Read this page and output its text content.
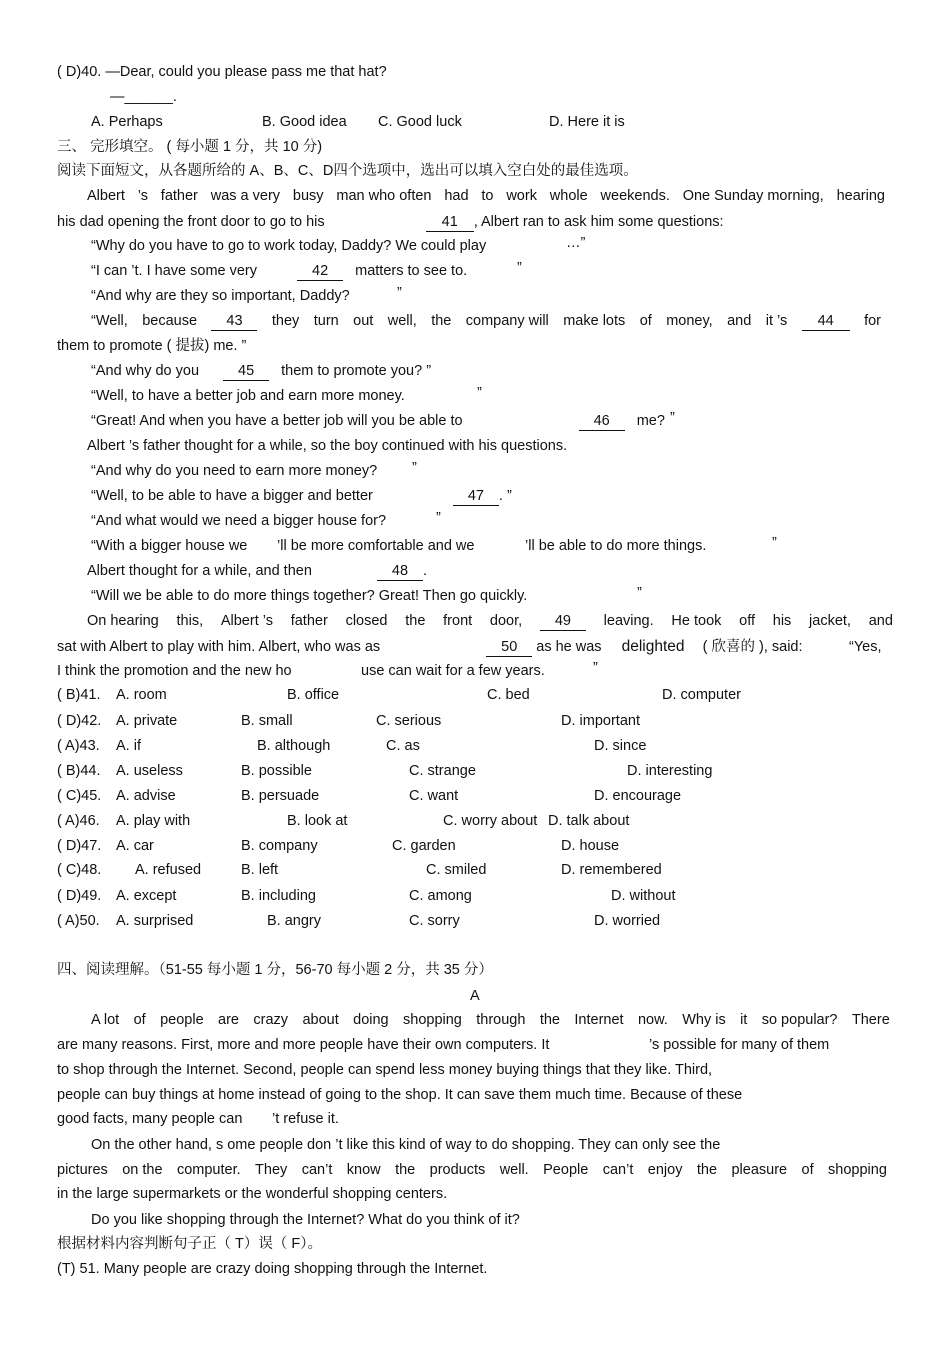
( D)40. —Dear, could you please pass me that hat?
—______.
A. Perhaps	B. Good idea C. Good luck	D. Here it is
三、 完形填空。 ( 每小题 1 分，共 10 分)
阅读下面短文，从各题所给的 A、B、C、D四个选项中，选出可以填入空白处的最佳选项。
Albert ’s father was a very busy man who often had to work whole weekends. One Sunday morning, hearing
his dad opening the front door to go to his	41 , Albert ran to ask him some questions:
“Why do you have to go to work today, Daddy? We could play	…”
“I can ’t. I have some very	42 matters to see to.	”
“And why are they so important, Daddy?	”
“Well, because	43	they turn out well, the company will make lots of money, and it ’s	44	for
them to promote ( 提拔) me. ”
“And why do you	45 them to promote you? ”
“Well, to have a better job and earn more money.	”
“Great! And when you have a better job will you be able to	46 me? ”
Albert ’s father thought for a while, so the boy continued with his questions.
“And why do you need to earn more money? ”
“Well, to be able to have a bigger and better	47 . ”
“And what would we need a bigger house for?	”
“With a bigger house we ’ll be more comfortable and we	’ll be able to do more things.	”
Albert thought for a while, and then	48 .
“Will we be able to do more things together? Great! Then go quickly.	”
On hearing this, Albert ’s father closed the front door,	49	leaving. He took off his jacket, and
sat with Albert to play with him. Albert, who was as	50 as he was delighted ( 欣喜的 ), said:	“Yes,
I think the promotion and the new ho	use can wait for a few years.	”
( B)41. A. room	B. office	C. bed	D. computer
( D)42. A. private	B. small	C. serious	D. important
( A)43. A. if	B. although	C. as	D. since
( B)44. A. useless	B. possible	C. strange	D. interesting
( C)45. A. advise	B. persuade	C. want	D. encourage
( A)46. A. play with	B. look at	C. worry about D. talk about
( D)47. A. car	B. company	C. garden	D. house
( C)48. A. refused	B. left	C. smiled	D. remembered
( D)49. A. except	B. including	C. among	D. without
( A)50. A. surprised	B. angry	C. sorry	D. worried
四、阅读理解。（51-55 每小题 1 分，56-70 每小题 2 分，共 35 分）
A
A lot of people are crazy about doing shopping through the Internet now. Why is it so popular? There
are many reasons. First, more and more people have their own computers. It	’s possible for many of them
to shop through the Internet. Second, people can spend less money buying things that they like. Third,
people can buy things at home instead of going to the shop. It can save them much time. Because of these
good facts, many people can ’t refuse it.
On the other hand, s ome people don ’t like this kind of way to do shopping. They can only see the
pictures on the computer. They can’t know the products well. People can’t enjoy the pleasure of shopping
in the large supermarkets or the wonderful shopping centers.
Do you like shopping through the Internet? What do you think of it?
根据材料内容判断句子正（ T）误（ F）。
(T) 51. Many people are crazy doing shopping through the Internet.
